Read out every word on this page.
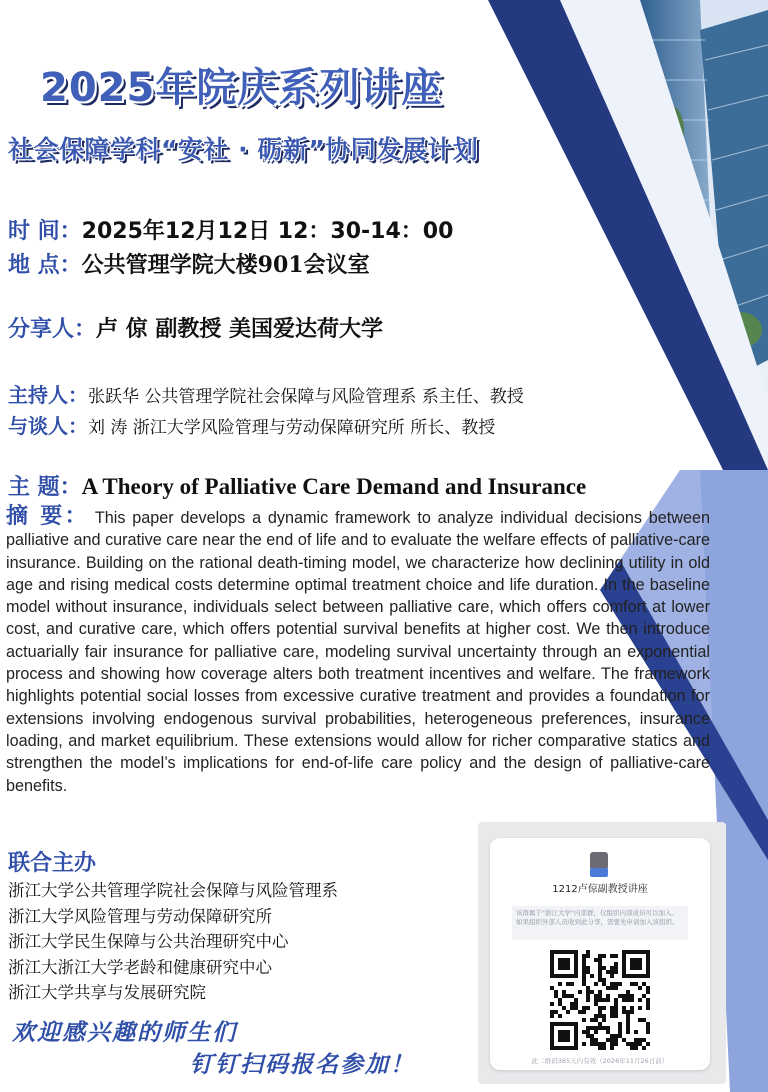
2025年院庆系列讲座
社会保障学科“安社 · 砺新”协同发展计划
时 间：2025年12月12日 12：30-14：00
地 点：公共管理学院大楼901会议室
分享人：卢 倞 副教授 美国爱达荷大学
主持人：张跃华 公共管理学院社会保障与风险管理系 系主任、教授
与谈人：刘 涛 浙江大学风险管理与劳动保障研究所 所长、教授
主 题：A Theory of Palliative Care Demand and Insurance
摘 要： This paper develops a dynamic framework to analyze individual decisions between palliative and curative care near the end of life and to evaluate the welfare effects of palliative-care insurance. Building on the rational death-timing model, we characterize how declining utility in old age and rising medical costs determine optimal treatment choice and life duration. In the baseline model without insurance, individuals select between palliative care, which offers comfort at lower cost, and curative care, which offers potential survival benefits at higher cost. We then introduce actuarially fair insurance for palliative care, modeling survival uncertainty through an exponential process and showing how coverage alters both treatment incentives and welfare. The framework highlights potential social losses from excessive curative treatment and provides a foundation for extensions involving endogenous survival probabilities, heterogeneous preferences, insurance loading, and market equilibrium. These extensions would allow for richer comparative statics and strengthen the model’s implications for end-of-life care policy and the design of palliative-care benefits.
联合主办
浙江大学公共管理学院社会保障与风险管理系
浙江大学风险管理与劳动保障研究所
浙江大学民生保障与公共治理研究中心
浙江大浙江大学老龄和健康研究中心
浙江大学共享与发展研究院
欢迎感兴趣的师生们
钉钉扫码报名参加！
1212卢倞副教授讲座
该群属于"浙江大学"内部群，仅组织内部成员可以加入。如果组织外部人员收到此分享，需要先申请加入该组织。
此二维码365天内有效（2026年11月26日前）
